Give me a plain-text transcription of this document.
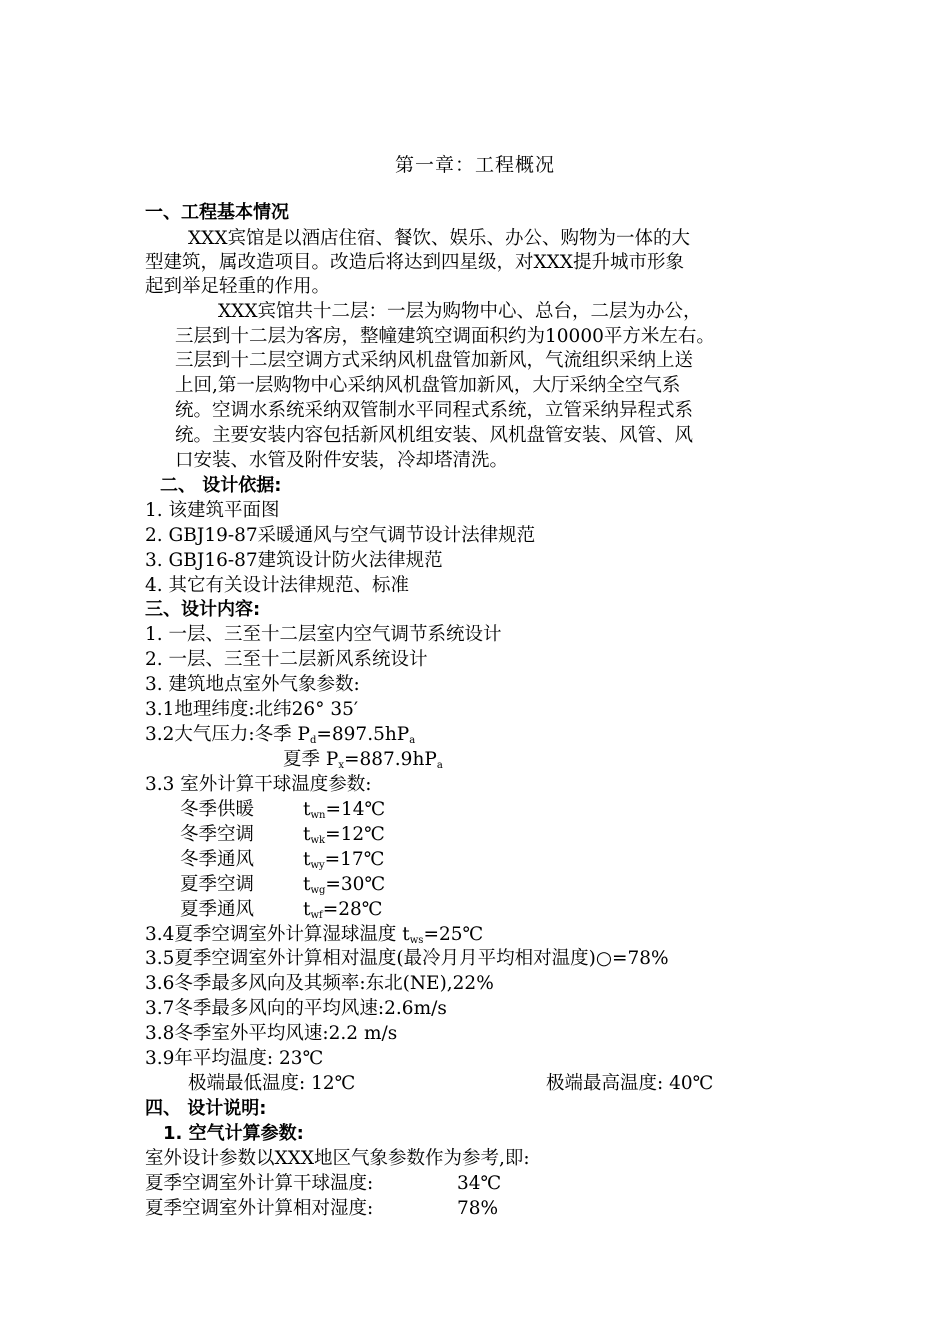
第一章：工程概况
一、工程基本情况
XXX宾馆是以酒店住宿、餐饮、娱乐、办公、购物为一体的大
型建筑，属改造项目。改造后将达到四星级，对XXX提升城市形象
起到举足轻重的作用。
XXX宾馆共十二层：一层为购物中心、总台，二层为办公，
三层到十二层为客房，整幢建筑空调面积约为10000平方米左右。
三层到十二层空调方式采纳风机盘管加新风，气流组织采纳上送
上回,第一层购物中心采纳风机盘管加新风，大厅采纳全空气系
统。空调水系统采纳双管制水平同程式系统，立管采纳异程式系
统。主要安装内容包括新风机组安装、风机盘管安装、风管、风
口安装、水管及附件安装，冷却塔清洗。
二、 设计依据:
1. 该建筑平面图
2. GBJ19-87采暖通风与空气调节设计法律规范
3. GBJ16-87建筑设计防火法律规范
4. 其它有关设计法律规范、标准
三、设计内容:
1. 一层、三至十二层室内空气调节系统设计
2. 一层、三至十二层新风系统设计
3. 建筑地点室外气象参数:
3.1地理纬度:北纬26° 35′
3.2大气压力:冬季 $P_d=897.5hP_a$
夏季 $P_x=887.9hP_a$
3.3 室外计算干球温度参数:
冬季供暖	$t_{wn}=14℃$
冬季空调	$t_{wk}=12℃$
冬季通风	$t_{wy}=17℃$
夏季空调	$t_{wg}=30℃$
夏季通风	$t_{wf}=28℃$
3.4夏季空调室外计算湿球温度 $t_{ws}=25℃$
3.5夏季空调室外计算相对温度(最冷月月平均相对温度)○=78%
3.6冬季最多风向及其频率:东北(NE),22%
3.7冬季最多风向的平均风速:2.6m/s
3.8冬季室外平均风速:2.2 m/s
3.9年平均温度: 23℃
极端最低温度: 12℃	极端最高温度: 40℃
四、 设计说明:
1. 空气计算参数:
室外设计参数以XXX地区气象参数作为参考,即:
夏季空调室外计算干球温度:	34℃
夏季空调室外计算相对湿度:	78%
